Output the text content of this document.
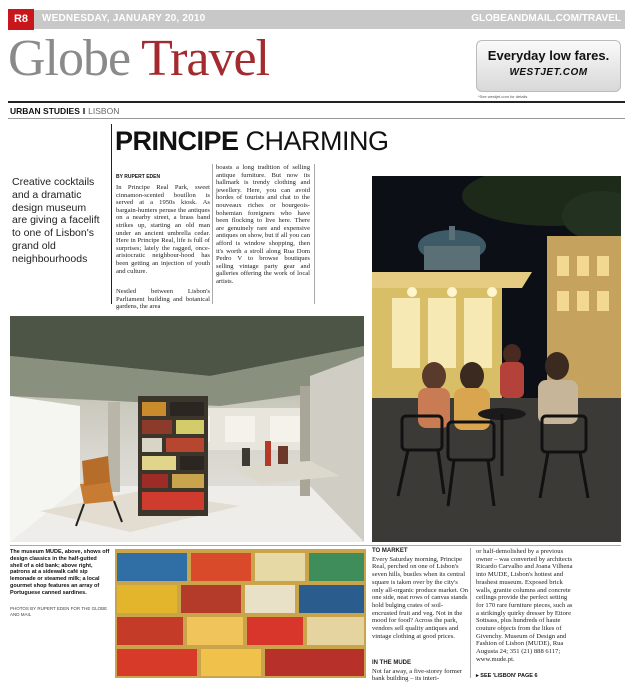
R8	WEDNESDAY, JANUARY 20, 2010	GLOBEANDMAIL.COM/TRAVEL
Globe Travel	Everyday low fares.
WESTJET.COM
*See westjet.com for details
URBAN STUDIES ‖ LISBON
PRINCIPE CHARMING
Creative cocktails and a dramatic design museum are giving a facelift to one of Lisbon's grand old neighbourhoods
BY RUPERT EDEN
In Principe Real Park, sweet cinnamon-scented bouillon is served at a 1950s kiosk. As bargain-hunters peruse the antiques on a nearby street, a brass band strikes up, starting an old man under an ancient umbrella cedar. Here in Principe Real, life is full of surprises; lately the ragged, once-aristocratic neighbour-hood has been getting an injection of youth and culture.
boasts a long tradition of selling antique furniture. But now its hallmark is trendy clothing and jewellery. Here, you can avoid hordes of tourists and chat to the nouveaux riches or bourgeois-bohemian foreigners who have been flocking to live here. There are genuinely rare and expensive antiques on show, but if all you can afford is window shopping, then it's worth a stroll along Rua Dom Pedro V to browse boutiques selling vintage party gear and galleries offering the work of local artists.
Nestled between Lisbon's Parliament building and botanical gardens, the area
The museum MUDE, above, shows off design classics in the half-gutted shell of a old bank; above right, patrons at a sidewalk café sip lemonade or steamed milk; a local gourmet shop features an array of Portuguese canned sardines.
PHOTOS BY RUPERT EDEN FOR THE GLOBE AND MAIL
TO MARKET
Every Saturday morning, Principe Real, perched on one of Lisbon's seven hills, bustles when its central square is taken over by the city's only all-organic produce market. On one side, neat rows of canvas stands hold bulging crates of soil-encrusted fruit and veg. Not in the mood for food? Across the park, vendors sell quality antiques and vintage clothing at good prices.
IN THE MUDE
Not far away, a five-storey former bank building – its interi-
or half-demolished by a previous owner – was converted by architects Ricardo Carvalho and Joana Vilhena into MUDE, Lisbon's hottest and brashest museum. Exposed brick walls, granite columns and concrete ceilings provide the perfect setting for 170 rare furniture pieces, such as a strikingly quirky dresser by Ettore Sottsass, plus hundreds of haute couture objects from the likes of Givenchy. Museum of Design and Fashion of Lisbon (MUDE), Rua Augusta 24; 351 (21) 888 6117; www.mude.pt.
▸ SEE 'LISBON' PAGE 6
